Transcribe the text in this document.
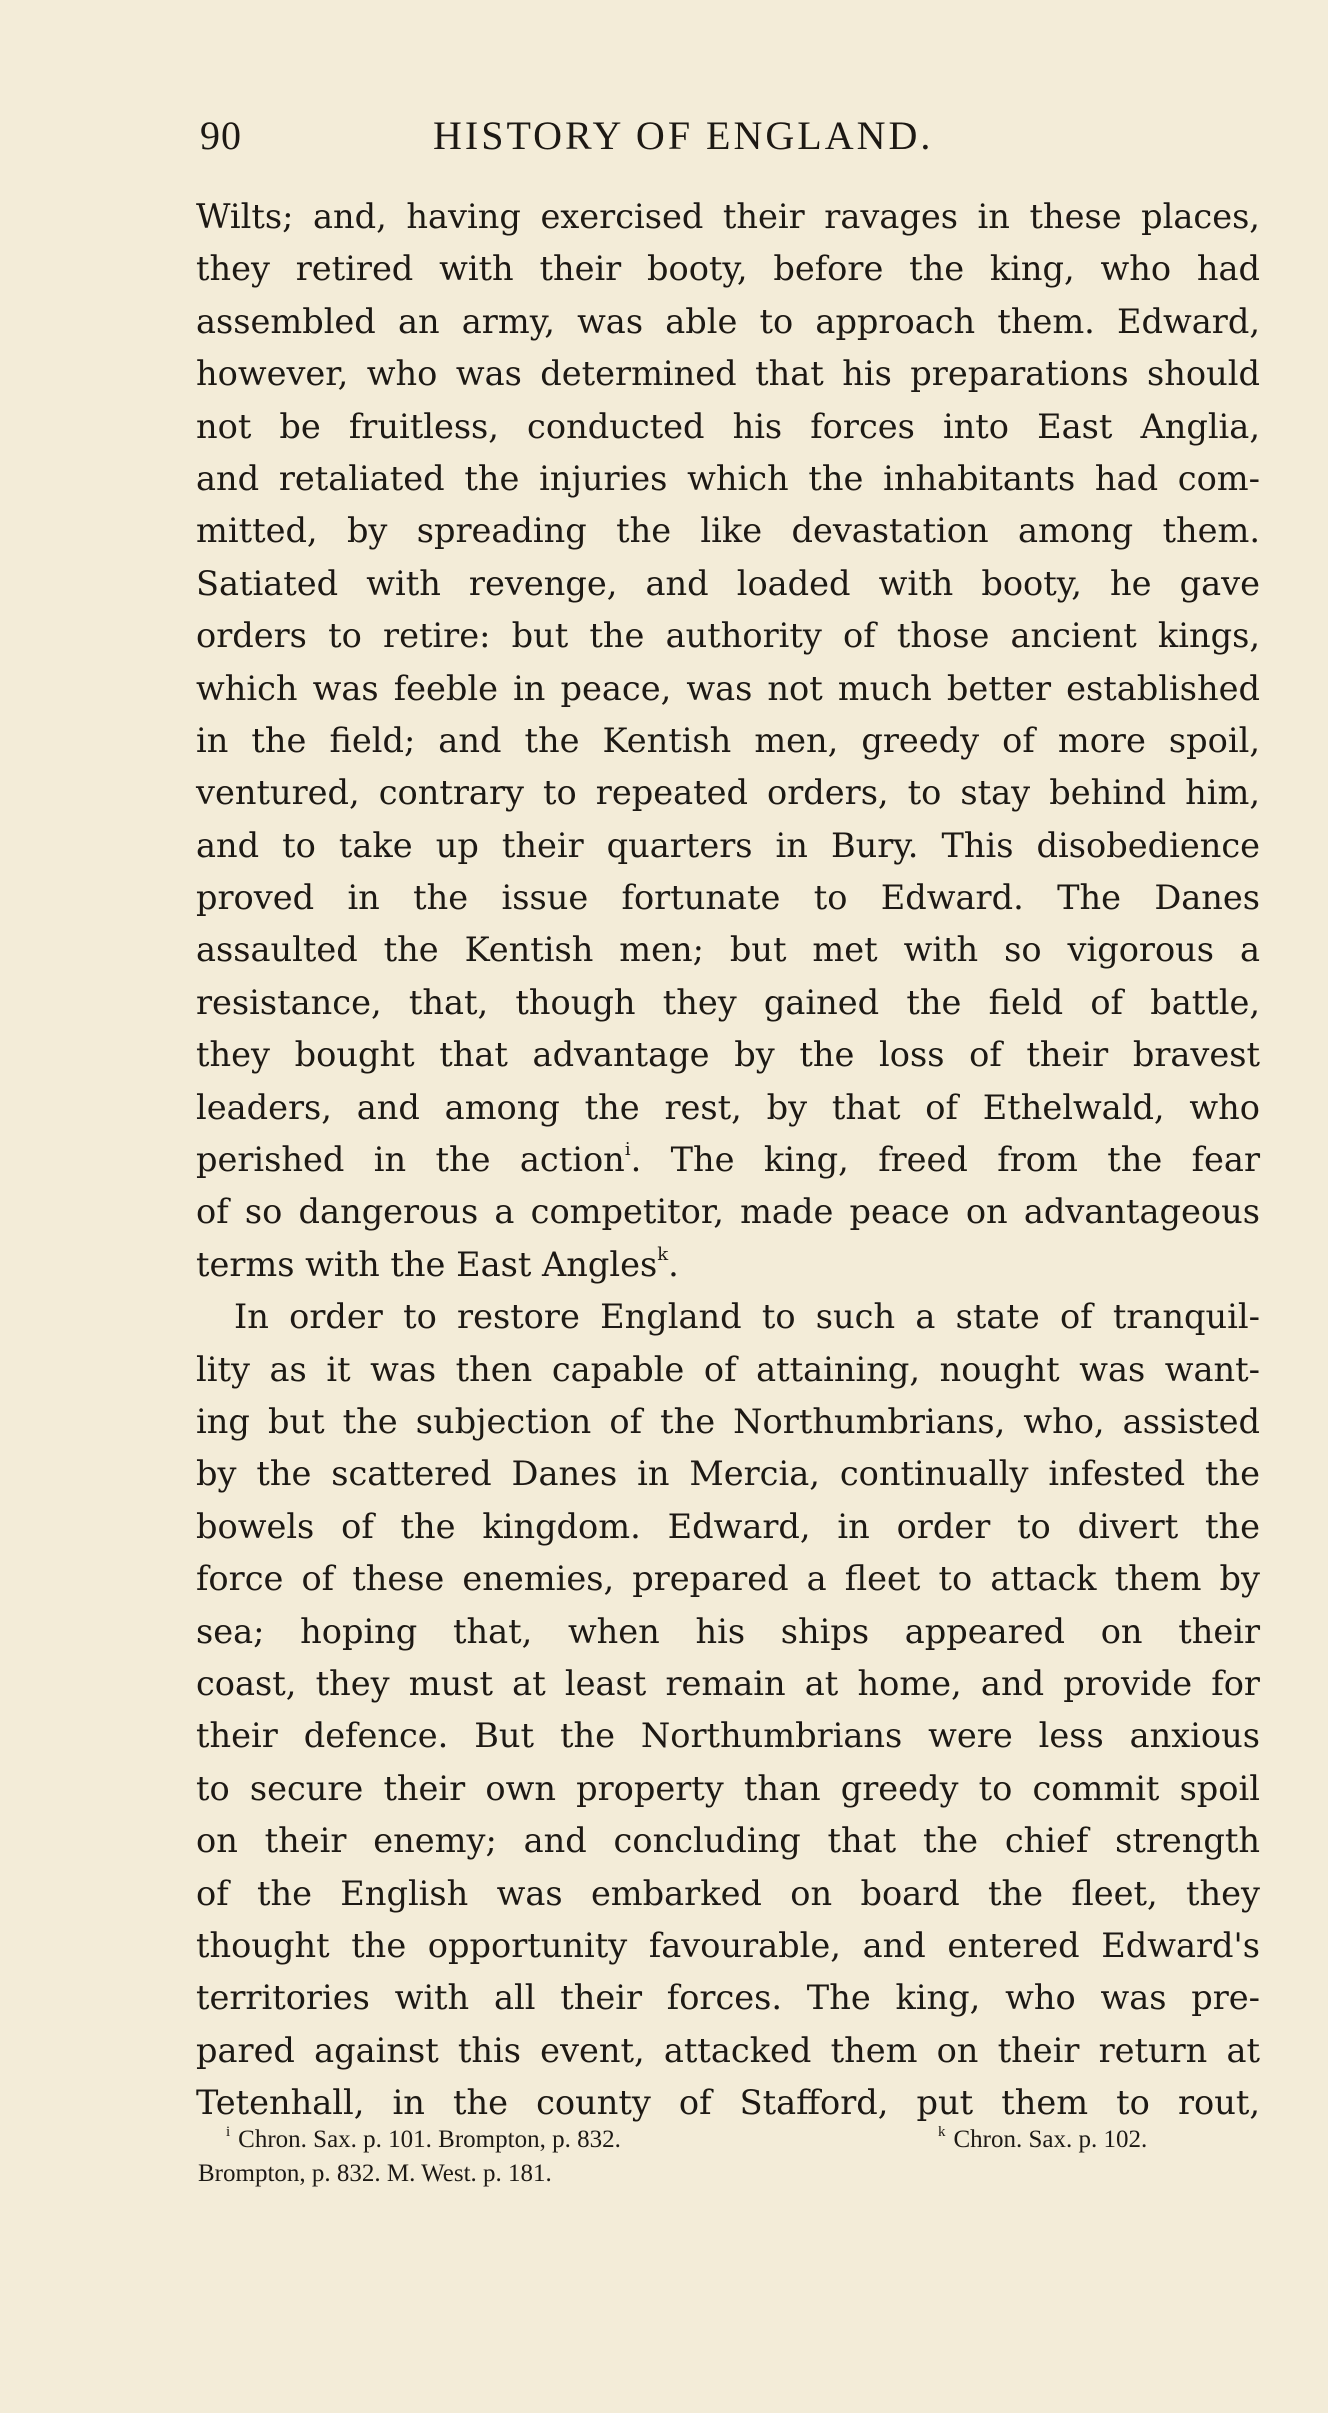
90	HISTORY OF ENGLAND.
Wilts; and, having exercised their ravages in these places,
they retired with their booty, before the king, who had
assembled an army, was able to approach them. Edward,
however, who was determined that his preparations should
not be fruitless, conducted his forces into East Anglia,
and retaliated the injuries which the inhabitants had com-
mitted, by spreading the like devastation among them.
Satiated with revenge, and loaded with booty, he gave
orders to retire: but the authority of those ancient kings,
which was feeble in peace, was not much better established
in the field; and the Kentish men, greedy of more spoil,
ventured, contrary to repeated orders, to stay behind him,
and to take up their quarters in Bury. This disobedience
proved in the issue fortunate to Edward. The Danes
assaulted the Kentish men; but met with so vigorous a
resistance, that, though they gained the field of battle,
they bought that advantage by the loss of their bravest
leaders, and among the rest, by that of Ethelwald, who
perished in the action$^i$. The king, freed from the fear
of so dangerous a competitor, made peace on advantageous
terms with the East Angles$^k$.
In order to restore England to such a state of tranquil-
lity as it was then capable of attaining, nought was want-
ing but the subjection of the Northumbrians, who, assisted
by the scattered Danes in Mercia, continually infested the
bowels of the kingdom. Edward, in order to divert the
force of these enemies, prepared a fleet to attack them by
sea; hoping that, when his ships appeared on their
coast, they must at least remain at home, and provide for
their defence. But the Northumbrians were less anxious
to secure their own property than greedy to commit spoil
on their enemy; and concluding that the chief strength
of the English was embarked on board the fleet, they
thought the opportunity favourable, and entered Edward's
territories with all their forces. The king, who was pre-
pared against this event, attacked them on their return at
Tetenhall, in the county of Stafford, put them to rout,
$^i$ Chron. Sax. p. 101. Brompton, p. 832.
Brompton, p. 832. M. West. p. 181.
$^k$ Chron. Sax. p. 102.
